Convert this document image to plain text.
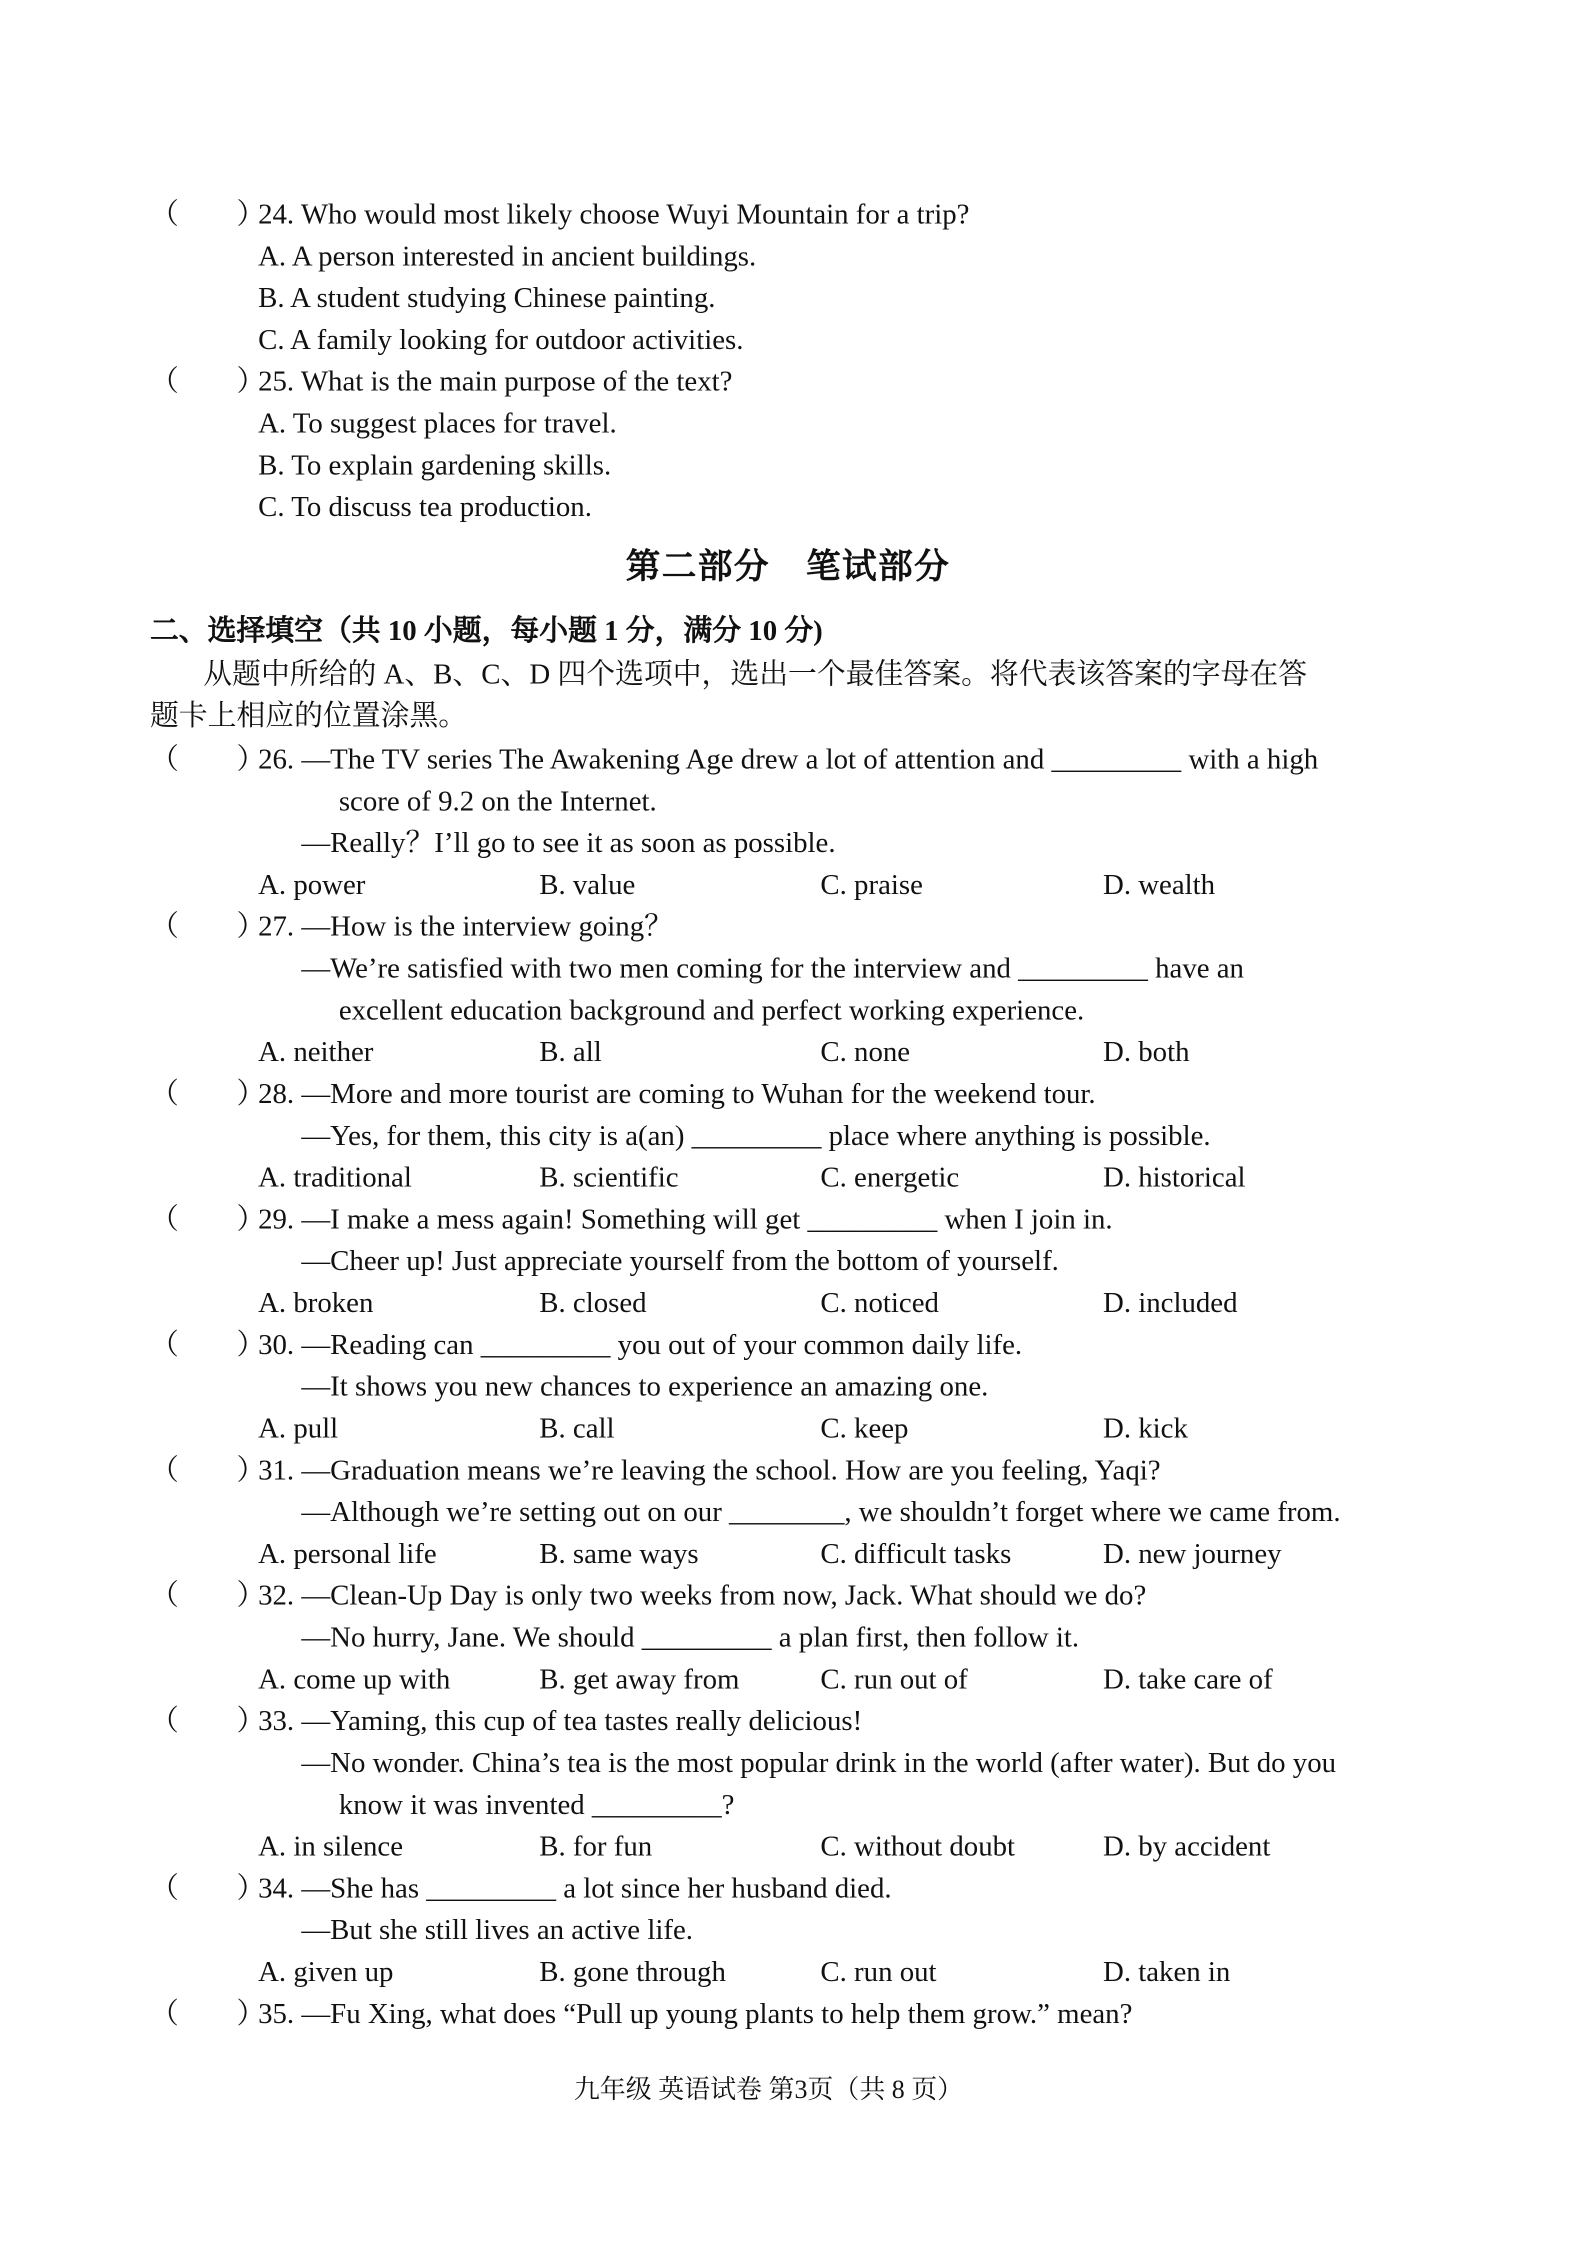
（　　）
24. Who would most likely choose Wuyi Mountain for a trip?
A. A person interested in ancient buildings.
B. A student studying Chinese painting.
C. A family looking for outdoor activities.
（　　）
25. What is the main purpose of the text?
A. To suggest places for travel.
B. To explain gardening skills.
C. To discuss tea production.
第二部分　笔试部分
二、选择填空（共 10 小题，每小题 1 分，满分 10 分)
从题中所给的 A、B、C、D 四个选项中，选出一个最佳答案。将代表该答案的字母在答
题卡上相应的位置涂黑。
（　　）
26. —The TV series The Awakening Age drew a lot of attention and _________ with a high
score of 9.2 on the Internet.
—Really？I’ll go to see it as soon as possible.
A. power	B. value	C. praise	D. wealth
（　　）
27. —How is the interview going？
—We’re satisfied with two men coming for the interview and _________ have an
excellent education background and perfect working experience.
A. neither	B. all	C. none	D. both
（　　）
28. —More and more tourist are coming to Wuhan for the weekend tour.
—Yes, for them, this city is a(an) _________ place where anything is possible.
A. traditional	B. scientific	C. energetic	D. historical
（　　）
29. —I make a mess again! Something will get _________ when I join in.
—Cheer up! Just appreciate yourself from the bottom of yourself.
A. broken	B. closed	C. noticed	D. included
（　　）
30. —Reading can _________ you out of your common daily life.
—It shows you new chances to experience an amazing one.
A. pull	B. call	C. keep	D. kick
（　　）
31. —Graduation means we’re leaving the school. How are you feeling, Yaqi?
—Although we’re setting out on our ________, we shouldn’t forget where we came from.
A. personal life	B. same ways	C. difficult tasks	D. new journey
（　　）
32. —Clean-Up Day is only two weeks from now, Jack. What should we do?
—No hurry, Jane. We should _________ a plan first, then follow it.
A. come up with	B. get away from	C. run out of	D. take care of
（　　）
33. —Yaming, this cup of tea tastes really delicious!
—No wonder. China’s tea is the most popular drink in the world (after water). But do you
know it was invented _________?
A. in silence	B. for fun	C. without doubt	D. by accident
（　　）
34. —She has _________ a lot since her husband died.
—But she still lives an active life.
A. given up	B. gone through	C. run out	D. taken in
（　　）
35. —Fu Xing, what does “Pull up young plants to help them grow.” mean?
九年级 英语试卷 第3页（共 8 页）
